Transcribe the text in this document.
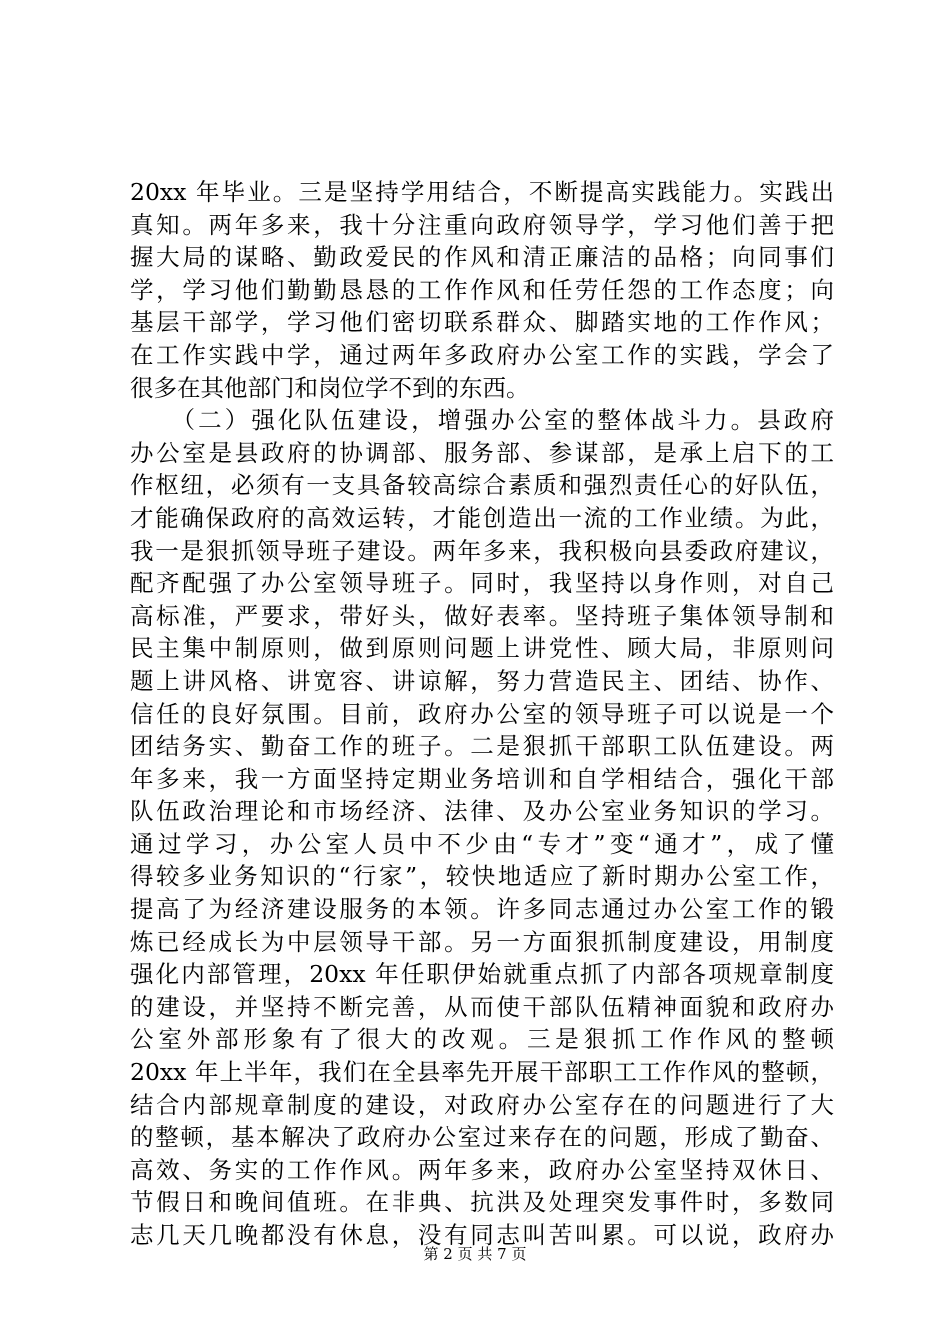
20xx 年毕业。三是坚持学用结合，不断提高实践能力。实践出
真知。两年多来，我十分注重向政府领导学，学习他们善于把
握大局的谋略、勤政爱民的作风和清正廉洁的品格；向同事们
学，学习他们勤勤恳恳的工作作风和任劳任怨的工作态度；向
基层干部学，学习他们密切联系群众、脚踏实地的工作作风；
在工作实践中学，通过两年多政府办公室工作的实践，学会了
很多在其他部门和岗位学不到的东西。
　　（二）强化队伍建设，增强办公室的整体战斗力。县政府
办公室是县政府的协调部、服务部、参谋部，是承上启下的工
作枢纽，必须有一支具备较高综合素质和强烈责任心的好队伍，
才能确保政府的高效运转，才能创造出一流的工作业绩。为此，
我一是狠抓领导班子建设。两年多来，我积极向县委政府建议，
配齐配强了办公室领导班子。同时，我坚持以身作则，对自己
高标准，严要求，带好头，做好表率。坚持班子集体领导制和
民主集中制原则，做到原则问题上讲党性、顾大局，非原则问
题上讲风格、讲宽容、讲谅解，努力营造民主、团结、协作、
信任的良好氛围。目前，政府办公室的领导班子可以说是一个
团结务实、勤奋工作的班子。二是狠抓干部职工队伍建设。两
年多来，我一方面坚持定期业务培训和自学相结合，强化干部
队伍政治理论和市场经济、法律、及办公室业务知识的学习。
通过学习，办公室人员中不少由“专才”变“通才”，成了懂
得较多业务知识的“行家”，较快地适应了新时期办公室工作，
提高了为经济建设服务的本领。许多同志通过办公室工作的锻
炼已经成长为中层领导干部。另一方面狠抓制度建设，用制度
强化内部管理，20xx 年任职伊始就重点抓了内部各项规章制度
的建设，并坚持不断完善，从而使干部队伍精神面貌和政府办
公室外部形象有了很大的改观。三是狠抓工作作风的整顿
20xx 年上半年，我们在全县率先开展干部职工工作作风的整顿，
结合内部规章制度的建设，对政府办公室存在的问题进行了大
的整顿，基本解决了政府办公室过来存在的问题，形成了勤奋、
高效、务实的工作作风。两年多来，政府办公室坚持双休日、
节假日和晚间值班。在非典、抗洪及处理突发事件时，多数同
志几天几晚都没有休息，没有同志叫苦叫累。可以说，政府办
第 2 页 共 7 页
